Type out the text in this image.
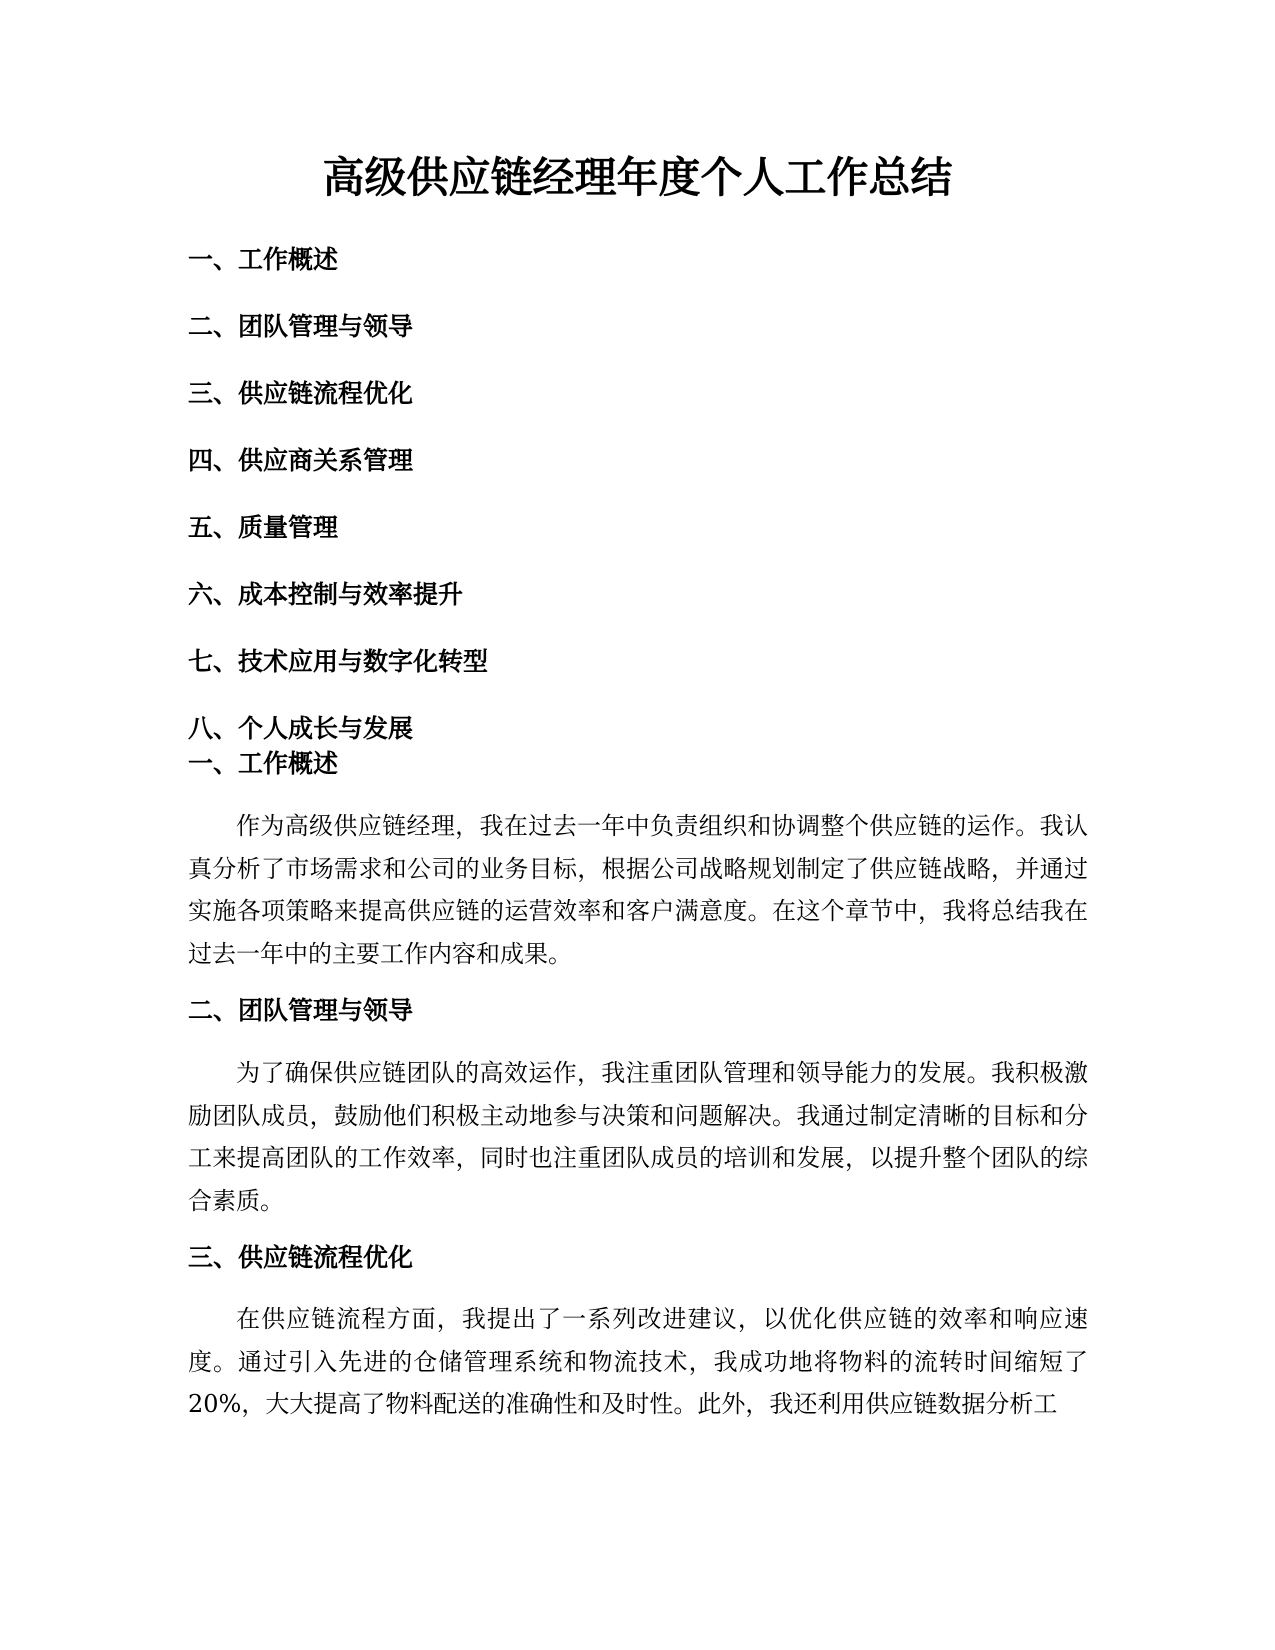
高级供应链经理年度个人工作总结
一、工作概述
二、团队管理与领导
三、供应链流程优化
四、供应商关系管理
五、质量管理
六、成本控制与效率提升
七、技术应用与数字化转型
八、个人成长与发展
一、工作概述

作为高级供应链经理，我在过去一年中负责组织和协调整个供应链的运作。我认真分析了市场需求和公司的业务目标，根据公司战略规划制定了供应链战略，并通过实施各项策略来提高供应链的运营效率和客户满意度。在这个章节中，我将总结我在过去一年中的主要工作内容和成果。

二、团队管理与领导

为了确保供应链团队的高效运作，我注重团队管理和领导能力的发展。我积极激励团队成员，鼓励他们积极主动地参与决策和问题解决。我通过制定清晰的目标和分工来提高团队的工作效率，同时也注重团队成员的培训和发展，以提升整个团队的综合素质。

三、供应链流程优化

在供应链流程方面，我提出了一系列改进建议，以优化供应链的效率和响应速度。通过引入先进的仓储管理系统和物流技术，我成功地将物料的流转时间缩短了20%，大大提高了物料配送的准确性和及时性。此外，我还利用供应链数据分析工
